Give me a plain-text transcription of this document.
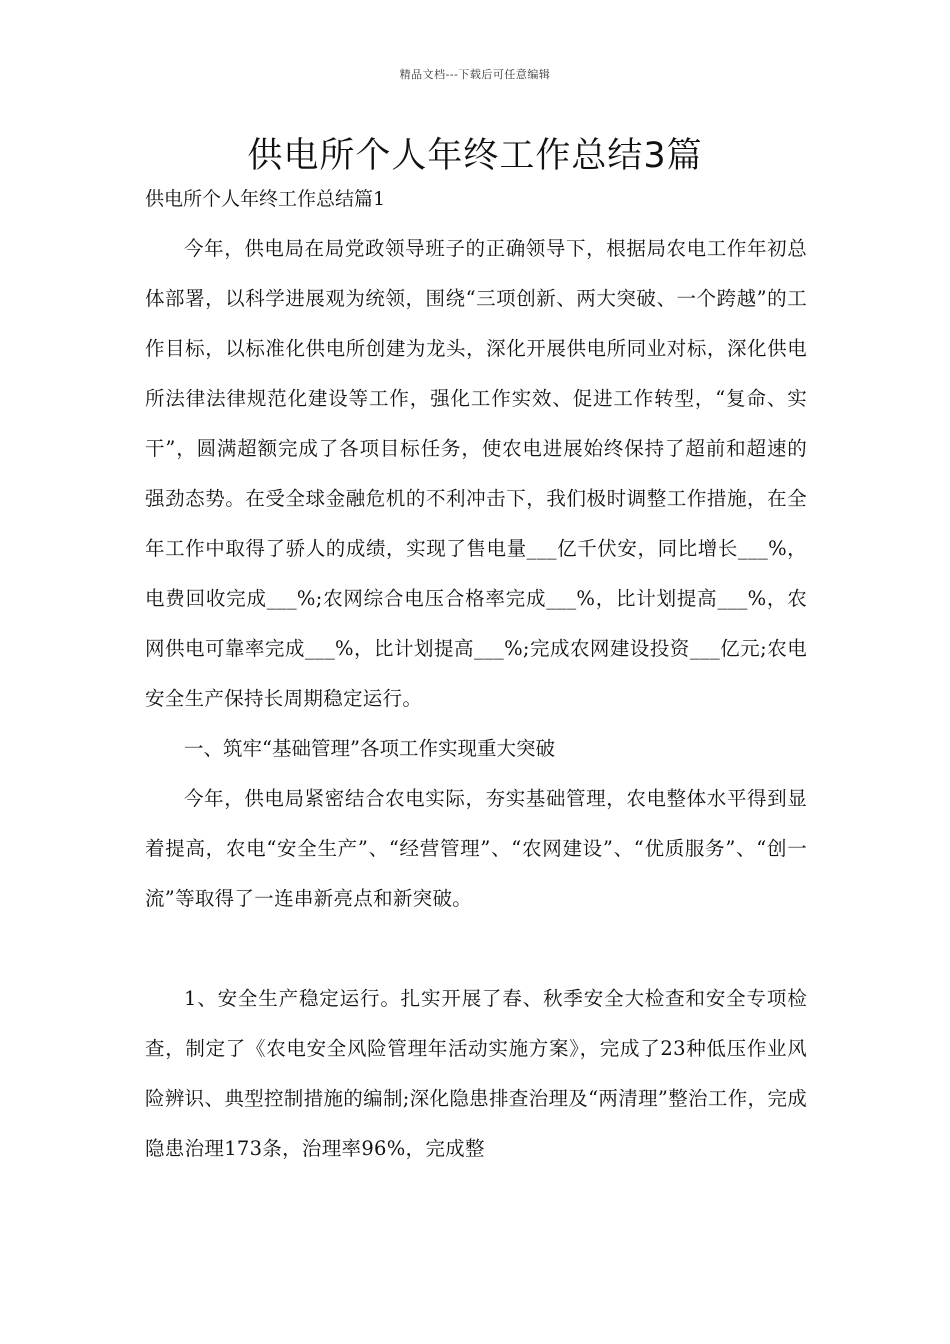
精品文档---下载后可任意编辑
供电所个人年终工作总结3篇

供电所个人年终工作总结篇1

今年，供电局在局党政领导班子的正确领导下，根据局农电工作年初总体部署，以科学进展观为统领，围绕“三项创新、两大突破、一个跨越”的工作目标，以标准化供电所创建为龙头，深化开展供电所同业对标，深化供电所法律法律规范化建设等工作，强化工作实效、促进工作转型，“复命、实干”，圆满超额完成了各项目标任务，使农电进展始终保持了超前和超速的强劲态势。在受全球金融危机的不利冲击下，我们极时调整工作措施，在全年工作中取得了骄人的成绩，实现了售电量___亿千伏安，同比增长___%，电费回收完成___%;农网综合电压合格率完成___%，比计划提高___%，农网供电可靠率完成___%，比计划提高___%;完成农网建设投资___亿元;农电安全生产保持长周期稳定运行。

一、筑牢“基础管理”各项工作实现重大突破

今年，供电局紧密结合农电实际，夯实基础管理，农电整体水平得到显着提高，农电“安全生产”、“经营管理”、“农网建设”、“优质服务”、“创一流”等取得了一连串新亮点和新突破。

1、安全生产稳定运行。扎实开展了春、秋季安全大检查和安全专项检查，制定了《农电安全风险管理年活动实施方案》，完成了23种低压作业风险辨识、典型控制措施的编制;深化隐患排查治理及“两清理”整治工作，完成隐患治理173条，治理率96%，完成整
